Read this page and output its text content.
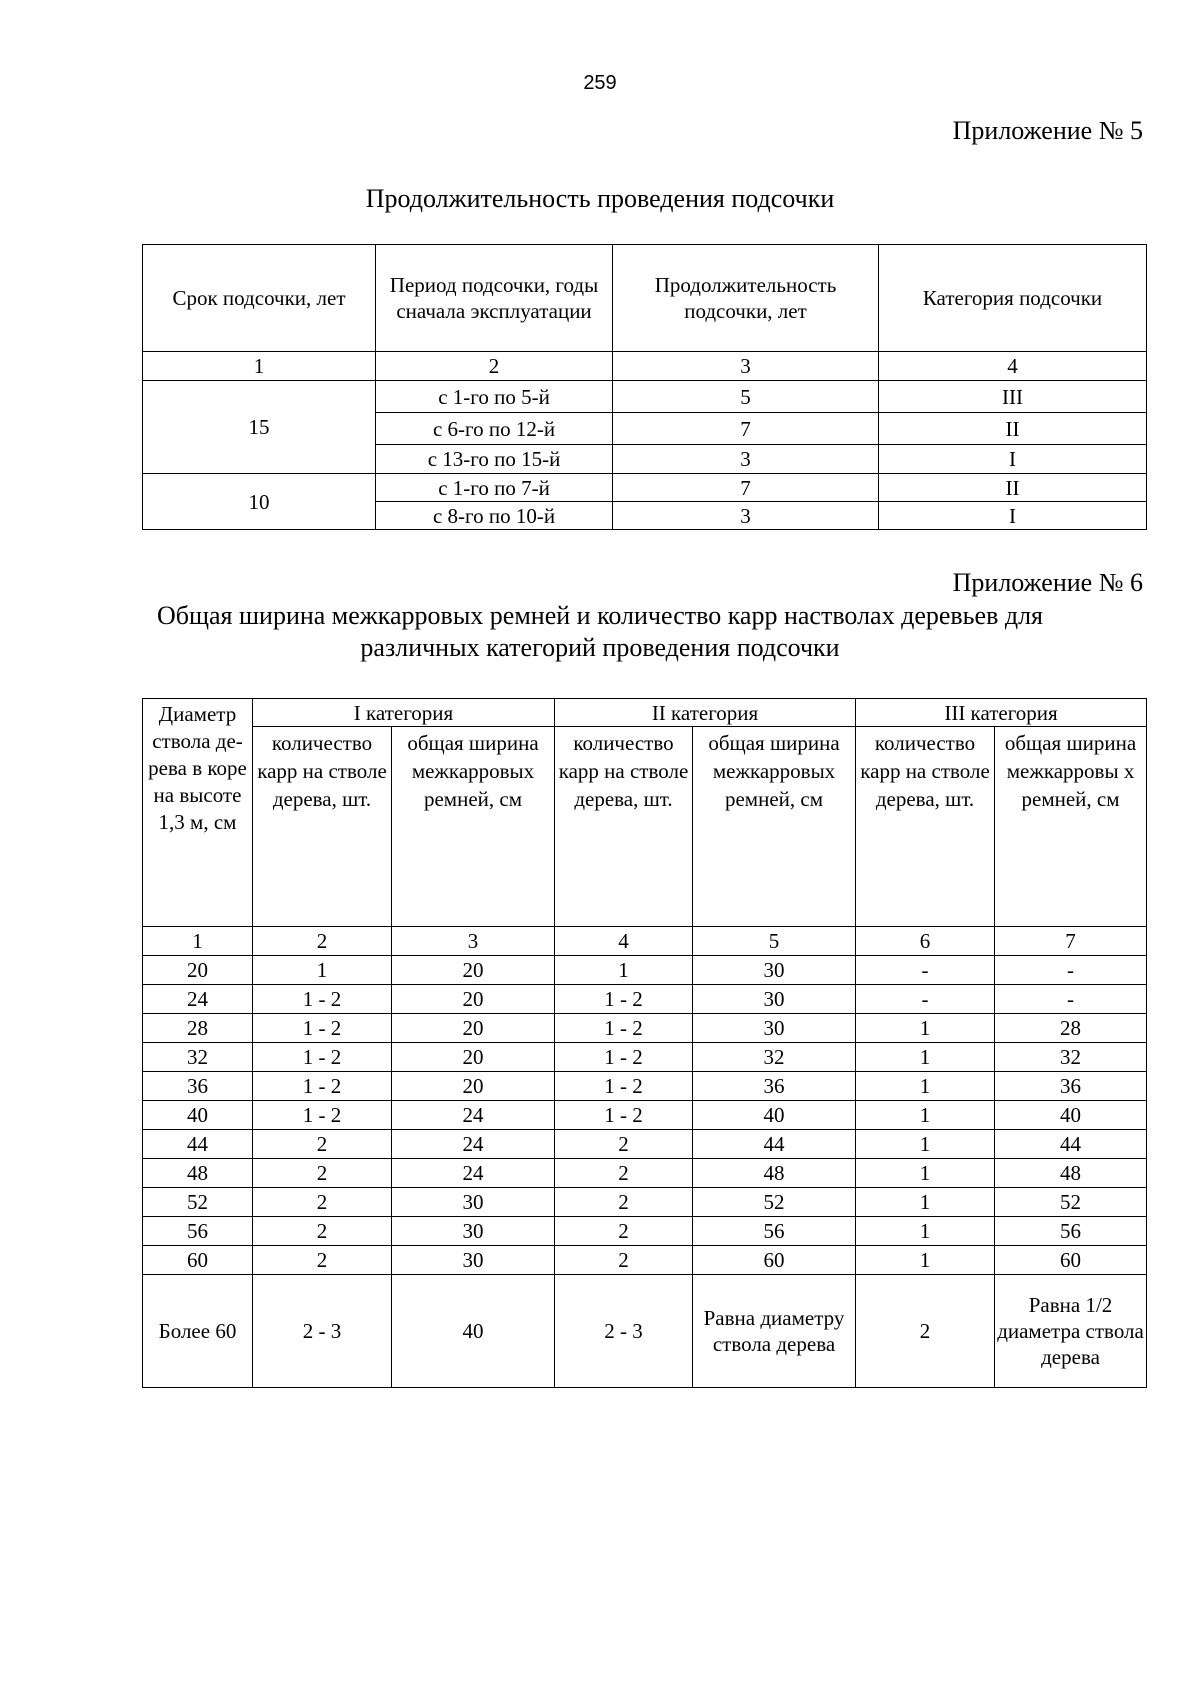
259
Приложение № 5
Продолжительность проведения подсочки
Срок подсочки, лет	Период подсочки, годы сначала эксплуатации	Продолжительность подсочки, лет	Категория подсочки
1	2	3	4
15	с 1-го по 5-й	5	III
	с 6-го по 12-й	7	II
	с 13-го по 15-й	3	I
10	с 1-го по 7-й	7	II
	с 8-го по 10-й	3	I
Приложение № 6
Общая ширина межкарровых ремней и количество карр настволах деревьев для
различных категорий проведения подсочки
Диаметр ствола де-рева в коре на высоте 1,3 м, см	I категория		II категория		III категория	
	количество карр на стволе дерева, шт.	общая ширина межкарровых ремней, см	количество карр на стволе дерева, шт.	общая ширина межкарровых ремней, см	количество карр на стволе дерева, шт.	общая ширина межкарровы х ремней, см
1	2	3	4	5	6	7
20	1	20	1	30	-	-
24	1 - 2	20	1 - 2	30	-	-
28	1 - 2	20	1 - 2	30	1	28
32	1 - 2	20	1 - 2	32	1	32
36	1 - 2	20	1 - 2	36	1	36
40	1 - 2	24	1 - 2	40	1	40
44	2	24	2	44	1	44
48	2	24	2	48	1	48
52	2	30	2	52	1	52
56	2	30	2	56	1	56
60	2	30	2	60	1	60
Более 60	2 - 3	40	2 - 3	Равна диаметру ствола дерева	2	Равна 1/2 диаметра ствола дерева
